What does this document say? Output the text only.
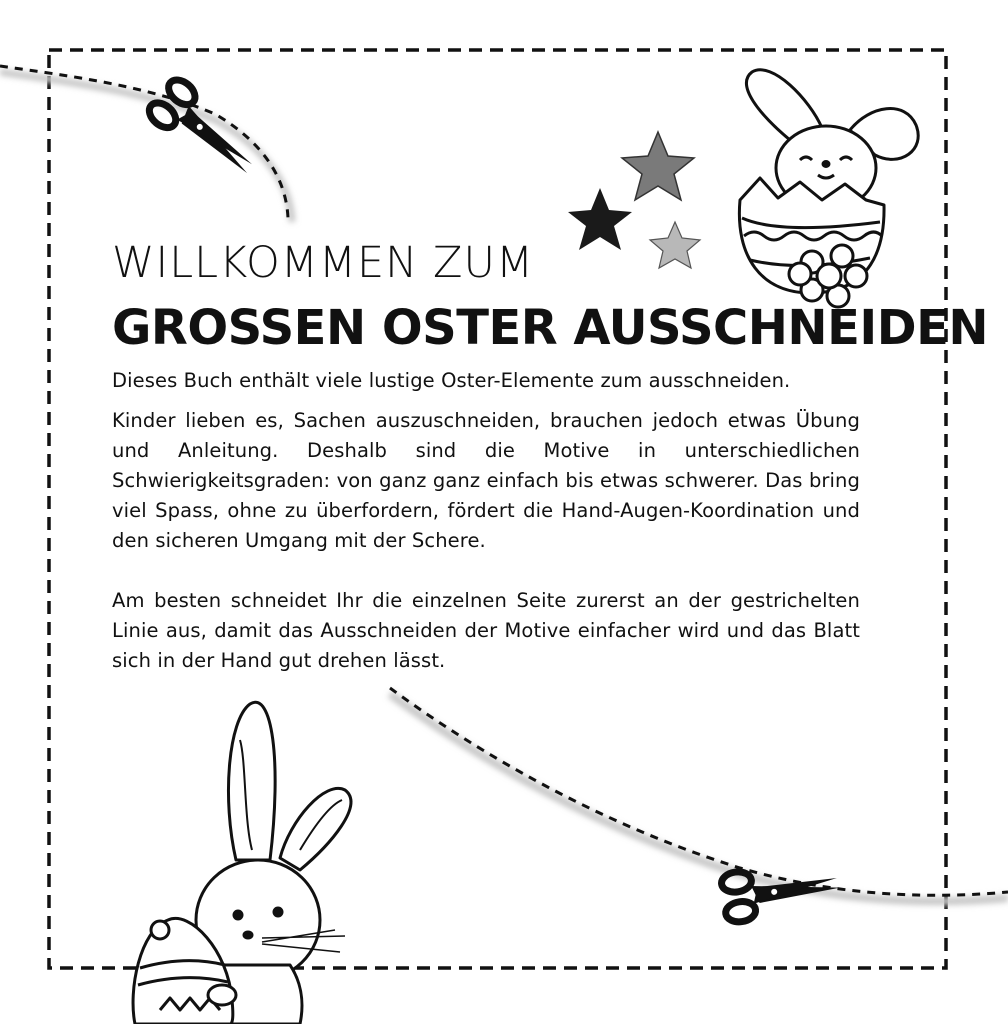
WILLKOMMEN ZUM
GROSSEN OSTER AUSSCHNEIDEN

Dieses Buch enthält viele lustige Oster-Elemente zum ausschneiden.

Kinder lieben es, Sachen auszuschneiden, brauchen jedoch etwas Übung und Anleitung. Deshalb sind die Motive in unterschiedlichen Schwierigkeitsgraden: von ganz ganz einfach bis etwas schwerer. Das bring viel Spass, ohne zu überfordern, fördert die Hand-Augen-Koordination und den sicheren Umgang mit der Schere.

Am besten schneidet Ihr die einzelnen Seite zurerst an der gestrichelten Linie aus, damit das Ausschneiden der Motive einfacher wird und das Blatt sich in der Hand gut drehen lässt.
